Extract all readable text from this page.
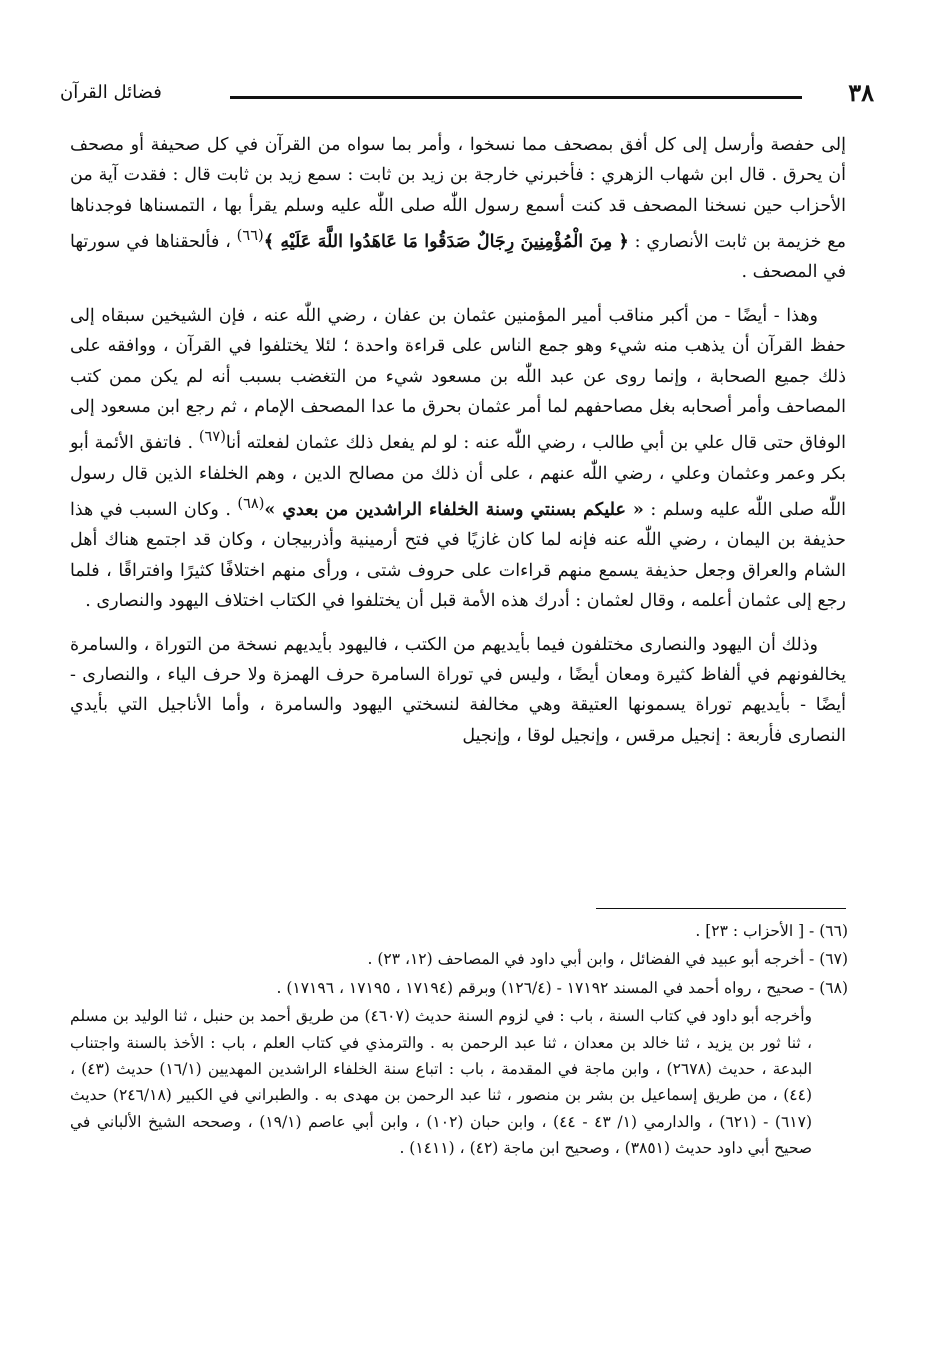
٣٨
فضائل القرآن

إلى حفصة وأرسل إلى كل أفق بمصحف مما نسخوا ، وأمر بما سواه من القرآن في كل صحيفة أو مصحف أن يحرق . قال ابن شهاب الزهري : فأخبرني خارجة بن زيد بن ثابت : سمع زيد بن ثابت قال : فقدت آية من الأحزاب حين نسخنا المصحف قد كنت أسمع رسول اللّٰه صلى اللّٰه عليه وسلم يقرأ بها ، التمسناها فوجدناها مع خزيمة بن ثابت الأنصاري : ﴿ مِنَ الْمُؤْمِنِينَ رِجَالٌ صَدَقُوا مَا عَاهَدُوا اللَّهَ عَلَيْهِ ﴾$^{(٦٦)}$ ، فألحقناها في سورتها في المصحف .

وهذا - أيضًا - من أكبر مناقب أمير المؤمنين عثمان بن عفان ، رضي اللّٰه عنه ، فإن الشيخين سبقاه إلى حفظ القرآن أن يذهب منه شيء وهو جمع الناس على قراءة واحدة ؛ لئلا يختلفوا في القرآن ، ووافقه على ذلك جميع الصحابة ، وإنما روى عن عبد اللّٰه بن مسعود شيء من التغضب بسبب أنه لم يكن ممن كتب المصاحف وأمر أصحابه بغل مصاحفهم لما أمر عثمان بحرق ما عدا المصحف الإمام ، ثم رجع ابن مسعود إلى الوفاق حتى قال علي بن أبي طالب ، رضي اللّٰه عنه : لو لم يفعل ذلك عثمان لفعلته أنا$^{(٦٧)}$ . فاتفق الأئمة أبو بكر وعمر وعثمان وعلي ، رضي اللّٰه عنهم ، على أن ذلك من مصالح الدين ، وهم الخلفاء الذين قال رسول اللّٰه صلى اللّٰه عليه وسلم : « عليكم بسنتي وسنة الخلفاء الراشدين من بعدي »$^{(٦٨)}$ . وكان السبب في هذا حذيفة بن اليمان ، رضي اللّٰه عنه فإنه لما كان غازيًا في فتح أرمينية وأذربيجان ، وكان قد اجتمع هناك أهل الشام والعراق وجعل حذيفة يسمع منهم قراءات على حروف شتى ، ورأى منهم اختلافًا كثيرًا وافتراقًا ، فلما رجع إلى عثمان أعلمه ، وقال لعثمان : أدرك هذه الأمة قبل أن يختلفوا في الكتاب اختلاف اليهود والنصارى .

وذلك أن اليهود والنصارى مختلفون فيما بأيديهم من الكتب ، فاليهود بأيديهم نسخة من التوراة ، والسامرة يخالفونهم في ألفاظ كثيرة ومعان أيضًا ، وليس في توراة السامرة حرف الهمزة ولا حرف الياء ، والنصارى - أيضًا - بأيديهم توراة يسمونها العتيقة وهي مخالفة لنسختي اليهود والسامرة ، وأما الأناجيل التي بأيدي النصارى فأربعة : إنجيل مرقس ، وإنجيل لوقا ، وإنجيل

(٦٦) - [ الأحزاب : ٢٣] .

(٦٧) - أخرجه أبو عبيد في الفضائل ، وابن أبي داود في المصاحف (١٢، ٢٣) .

(٦٨) - صحيح ، رواه أحمد في المسند ١٧١٩٢ - (١٢٦/٤) وبرقم (١٧١٩٤ ، ١٧١٩٥ ، ١٧١٩٦) .

وأخرجه أبو داود في كتاب السنة ، باب : في لزوم السنة حديث (٤٦٠٧) من طريق أحمد بن حنبل ، ثنا الوليد بن مسلم ، ثنا ثور بن يزيد ، ثنا خالد بن معدان ، ثنا عبد الرحمن به . والترمذي في كتاب العلم ، باب : الأخذ بالسنة واجتناب البدعة ، حديث (٢٦٧٨) ، وابن ماجة في المقدمة ، باب : اتباع سنة الخلفاء الراشدين المهديين (١٦/١) حديث (٤٣) ، (٤٤) ، من طريق إسماعيل بن بشر بن منصور ، ثنا عبد الرحمن بن مهدى به . والطبراني في الكبير (٢٤٦/١٨) حديث (٦١٧) - (٦٢١) ، والدارمي (١/ ٤٣ - ٤٤) ، وابن حبان (١٠٢) ، وابن أبي عاصم (١٩/١) ، وصححه الشيخ الألباني في صحيح أبي داود حديث (٣٨٥١) ، وصحيح ابن ماجة (٤٢) ، (١٤١١) .
